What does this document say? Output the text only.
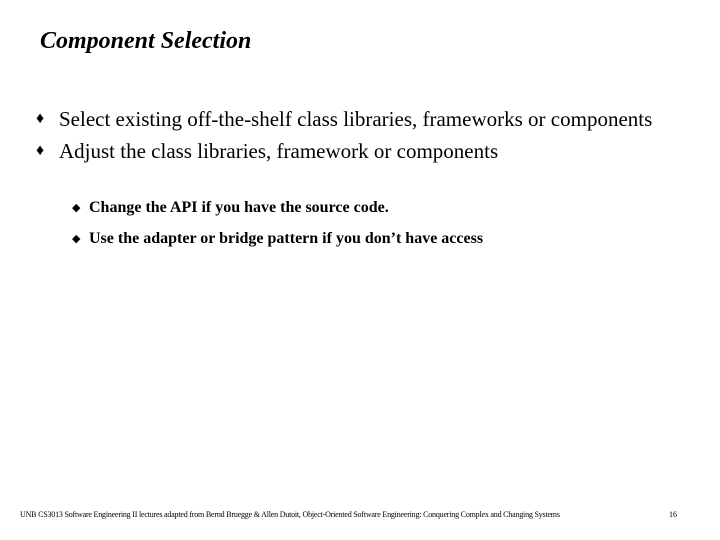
Component Selection
♦ Select existing off-the-shelf class libraries, frameworks or components
♦ Adjust the class libraries, framework or components
◆ Change the API if you have the source code.
◆ Use the adapter or bridge pattern if you don’t have access
UNB CS3013 Software Engineering II lectures adapted from Bernd Bruegge & Allen Dutoit, Object-Oriented Software Engineering: Conquering Complex and Changing Systems	16
